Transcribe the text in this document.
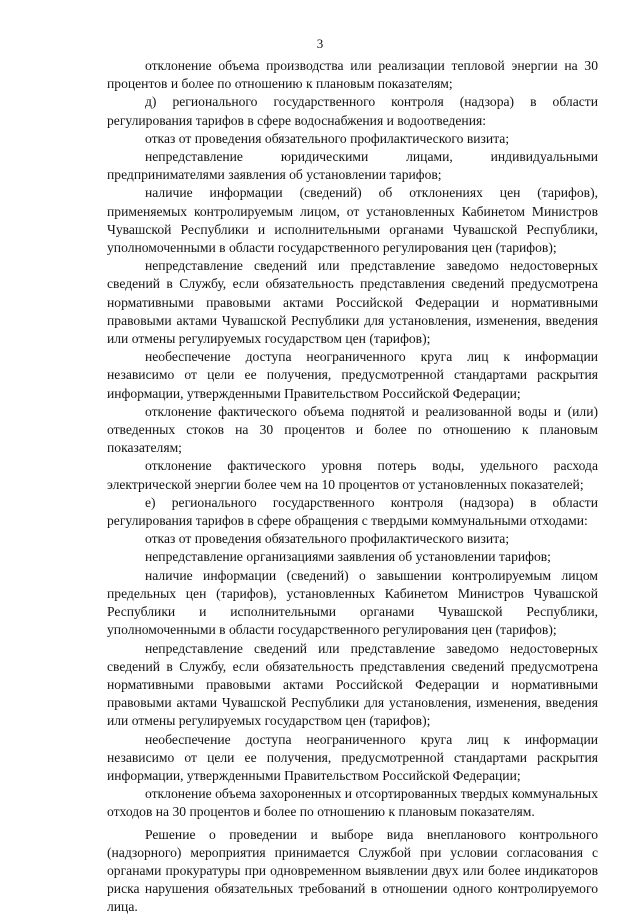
3

отклонение объема производства или реализации тепловой энергии на 30 процентов и более по отношению к плановым показателям;

д) регионального государственного контроля (надзора) в области регулирования тарифов в сфере водоснабжения и водоотведения:

отказ от проведения обязательного профилактического визита;

непредставление юридическими лицами, индивидуальными предпринимателями заявления об установлении тарифов;

наличие информации (сведений) об отклонениях цен (тарифов), применяемых контролируемым лицом, от установленных Кабинетом Министров Чувашской Республики и исполнительными органами Чувашской Республики, уполномоченными в области государственного регулирования цен (тарифов);

непредставление сведений или представление заведомо недостоверных сведений в Службу, если обязательность представления сведений предусмотрена нормативными правовыми актами Российской Федерации и нормативными правовыми актами Чувашской Республики для установления, изменения, введения или отмены регулируемых государством цен (тарифов);

необеспечение доступа неограниченного круга лиц к информации независимо от цели ее получения, предусмотренной стандартами раскрытия информации, утвержденными Правительством Российской Федерации;

отклонение фактического объема поднятой и реализованной воды и (или) отведенных стоков на 30 процентов и более по отношению к плановым показателям;

отклонение фактического уровня потерь воды, удельного расхода электрической энергии более чем на 10 процентов от установленных показателей;

е) регионального государственного контроля (надзора) в области регулирования тарифов в сфере обращения с твердыми коммунальными отходами:

отказ от проведения обязательного профилактического визита;

непредставление организациями заявления об установлении тарифов;

наличие информации (сведений) о завышении контролируемым лицом предельных цен (тарифов), установленных Кабинетом Министров Чувашской Республики и исполнительными органами Чувашской Республики, уполномоченными в области государственного регулирования цен (тарифов);

непредставление сведений или представление заведомо недостоверных сведений в Службу, если обязательность представления сведений предусмотрена нормативными правовыми актами Российской Федерации и нормативными правовыми актами Чувашской Республики для установления, изменения, введения или отмены регулируемых государством цен (тарифов);

необеспечение доступа неограниченного круга лиц к информации независимо от цели ее получения, предусмотренной стандартами раскрытия информации, утвержденными Правительством Российской Федерации;

отклонение объема захороненных и отсортированных твердых коммунальных отходов на 30 процентов и более по отношению к плановым показателям.

Решение о проведении и выборе вида внепланового контрольного (надзорного) мероприятия принимается Службой при условии согласования с органами прокуратуры при одновременном выявлении двух или более индикаторов риска нарушения обязательных требований в отношении одного контролируемого лица.
